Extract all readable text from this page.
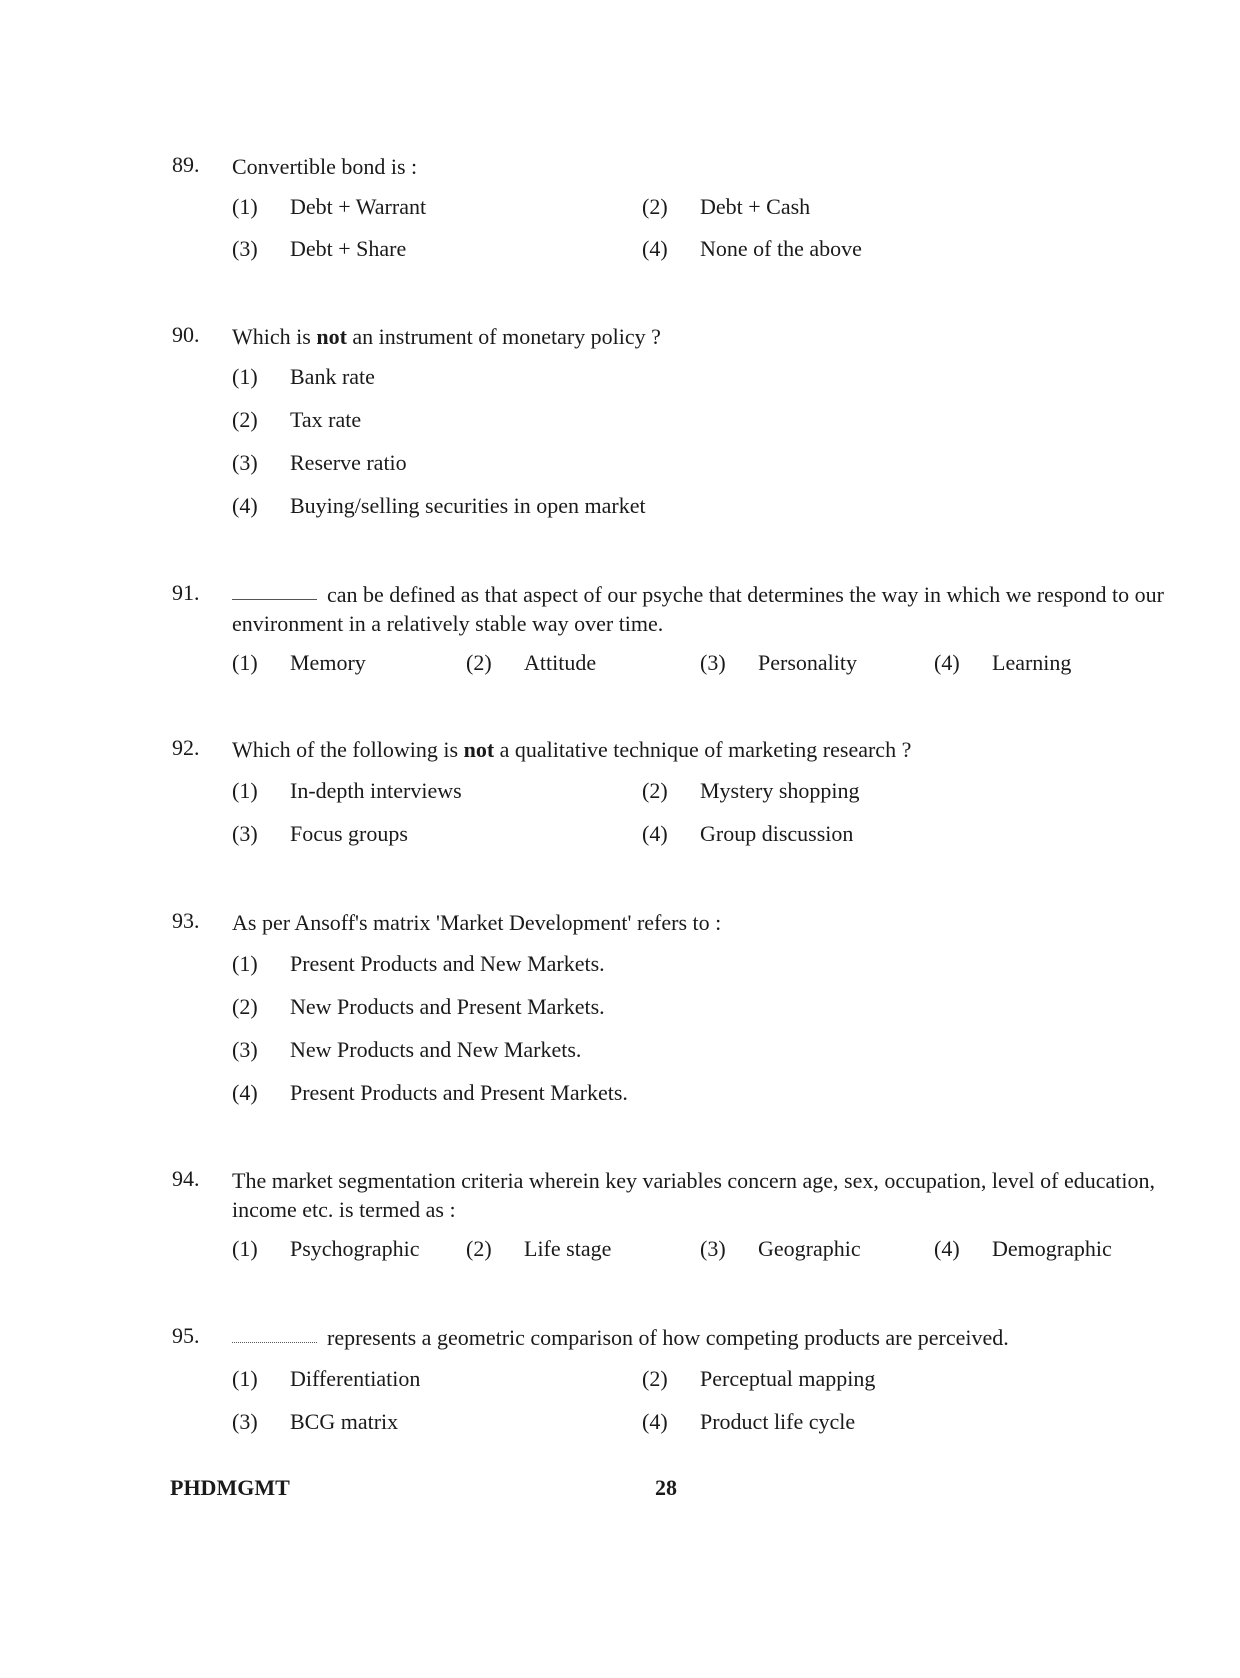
89. Convertible bond is :
(1) Debt + Warrant	(2) Debt + Cash
(3) Debt + Share	(4) None of the above
90. Which is not an instrument of monetary policy ?
(1) Bank rate
(2) Tax rate
(3) Reserve ratio
(4) Buying/selling securities in open market
91.	can be defined as that aspect of our psyche that determines the way in which we respond to our environment in a relatively stable way over time.
(1) Memory	(2) Attitude	(3) Personality	(4) Learning
92. Which of the following is not a qualitative technique of marketing research ?
(1) In-depth interviews	(2) Mystery shopping
(3) Focus groups	(4) Group discussion
93. As per Ansoff's matrix 'Market Development' refers to :
(1) Present Products and New Markets.
(2) New Products and Present Markets.
(3) New Products and New Markets.
(4) Present Products and Present Markets.
94. The market segmentation criteria wherein key variables concern age, sex, occupation, level of education, income etc. is termed as :
(1) Psychographic (2) Life stage	(3) Geographic	(4) Demographic
95.	represents a geometric comparison of how competing products are perceived.
(1) Differentiation	(2) Perceptual mapping
(3) BCG matrix	(4) Product life cycle
PHDMGMT	28
